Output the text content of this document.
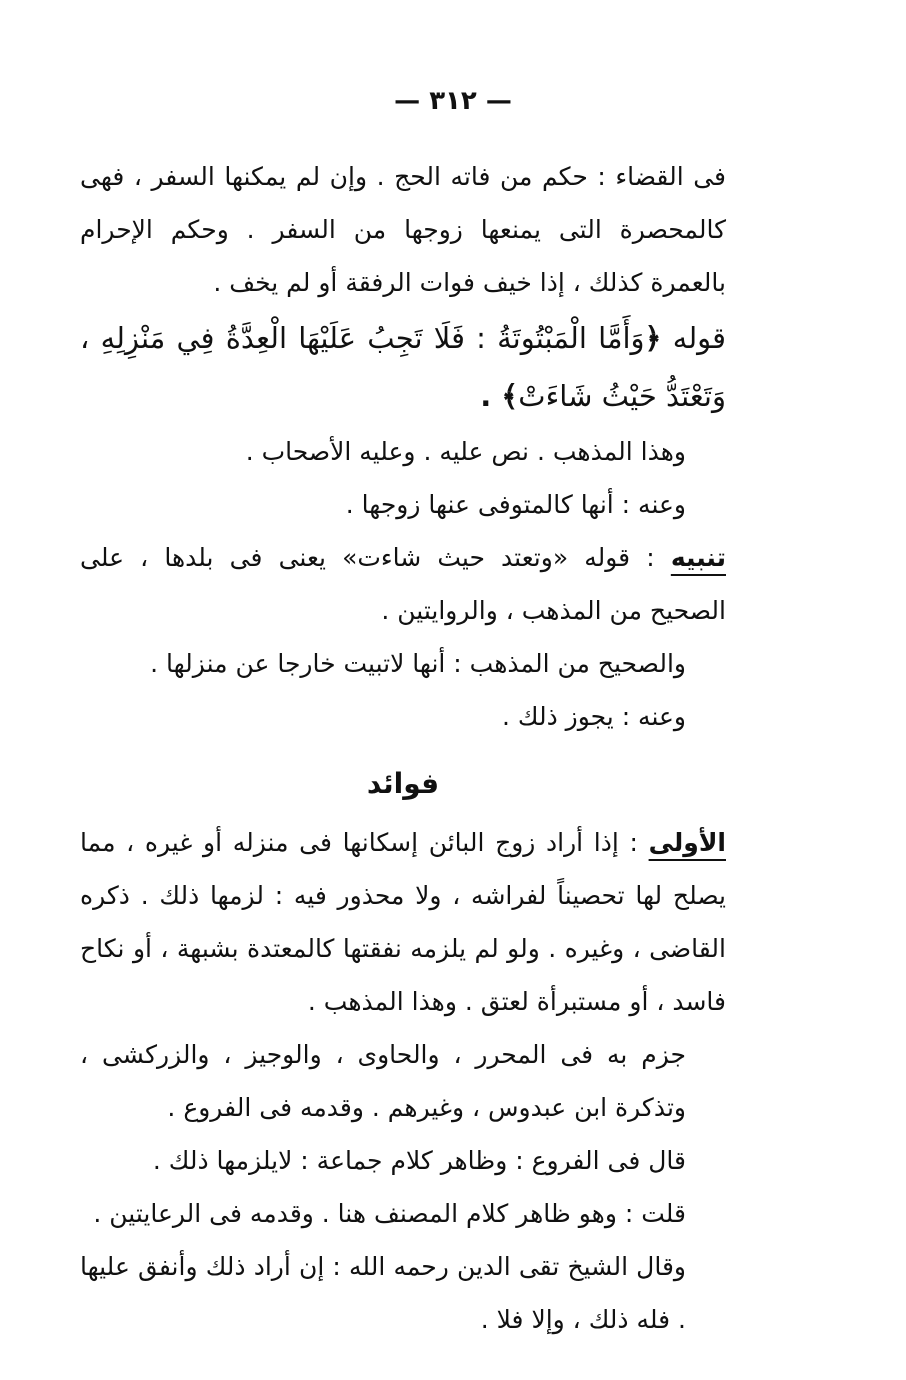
— ٣١٢ —

فى القضاء : حكم من فاته الحج . وإن لم يمكنها السفر ، فهى كالمحصرة التى يمنعها زوجها من السفر . وحكم الإحرام بالعمرة كذلك ، إذا خيف فوات الرفقة أو لم يخف .

قوله ﴿وَأَمَّا الْمَبْتُوتَةُ : فَلَا تَجِبُ عَلَيْهَا الْعِدَّةُ فِي مَنْزِلِهِ ، وَتَعْتَدُّ حَيْثُ شَاءَتْ﴾ .

وهذا المذهب . نص عليه . وعليه الأصحاب .

وعنه : أنها كالمتوفى عنها زوجها .

تنبيه : قوله «وتعتد حيث شاءت» يعنى فى بلدها ، على الصحيح من المذهب ، والروايتين .

والصحيح من المذهب : أنها لاتبيت خارجا عن منزلها .

وعنه : يجوز ذلك .

فوائد

الأولى : إذا أراد زوج البائن إسكانها فى منزله أو غيره ، مما يصلح لها تحصيناً لفراشه ، ولا محذور فيه : لزمها ذلك . ذكره القاضى ، وغيره . ولو لم يلزمه نفقتها كالمعتدة بشبهة ، أو نكاح فاسد ، أو مستبرأة لعتق . وهذا المذهب .

جزم به فى المحرر ، والحاوى ، والوجيز ، والزركشى ، وتذكرة ابن عبدوس ، وغيرهم . وقدمه فى الفروع .

قال فى الفروع : وظاهر كلام جماعة : لايلزمها ذلك .

قلت : وهو ظاهر كلام المصنف هنا . وقدمه فى الرعايتين .

وقال الشيخ تقى الدين رحمه الله : إن أراد ذلك وأنفق عليها . فله ذلك ، وإلا فلا .
